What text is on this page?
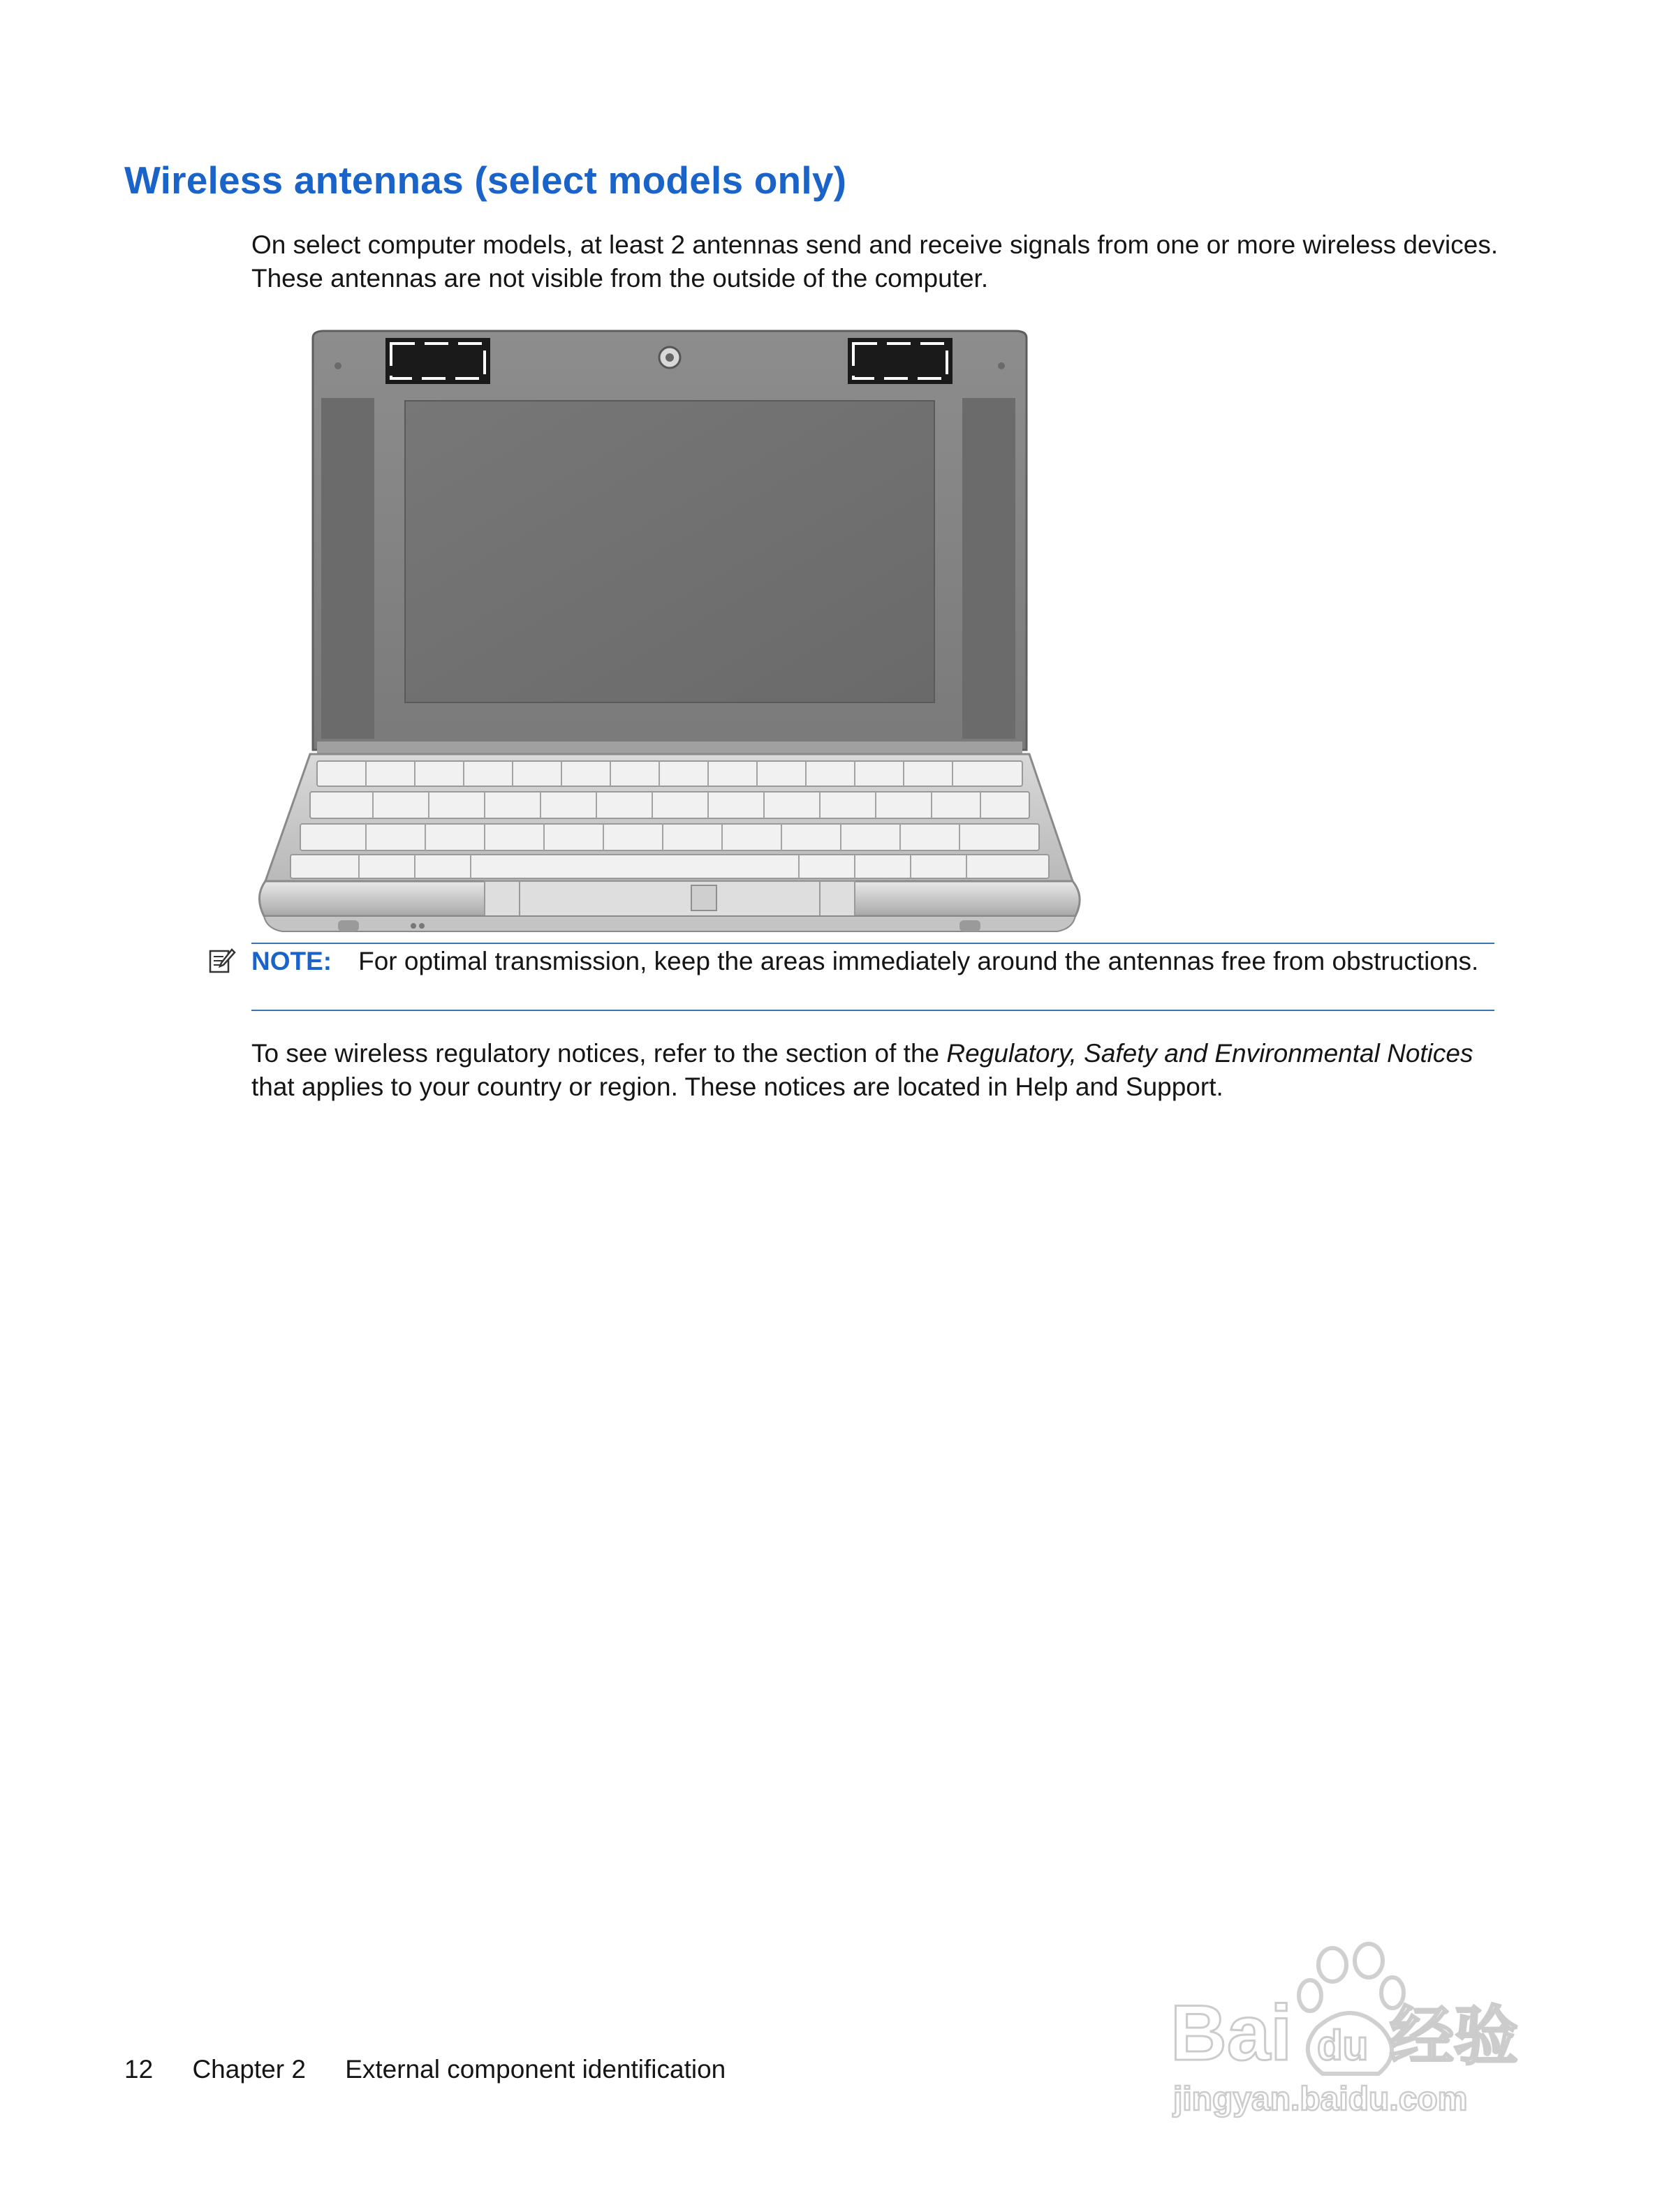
Wireless antennas (select models only)

On select computer models, at least 2 antennas send and receive signals from one or more wireless devices. These antennas are not visible from the outside of the computer.

NOTE: For optimal transmission, keep the areas immediately around the antennas free from obstructions.

To see wireless regulatory notices, refer to the section of the Regulatory, Safety and Environmental Notices that applies to your country or region. These notices are located in Help and Support.

12 Chapter 2 External component identification	Bai du 经验
jingyan.baidu.com
